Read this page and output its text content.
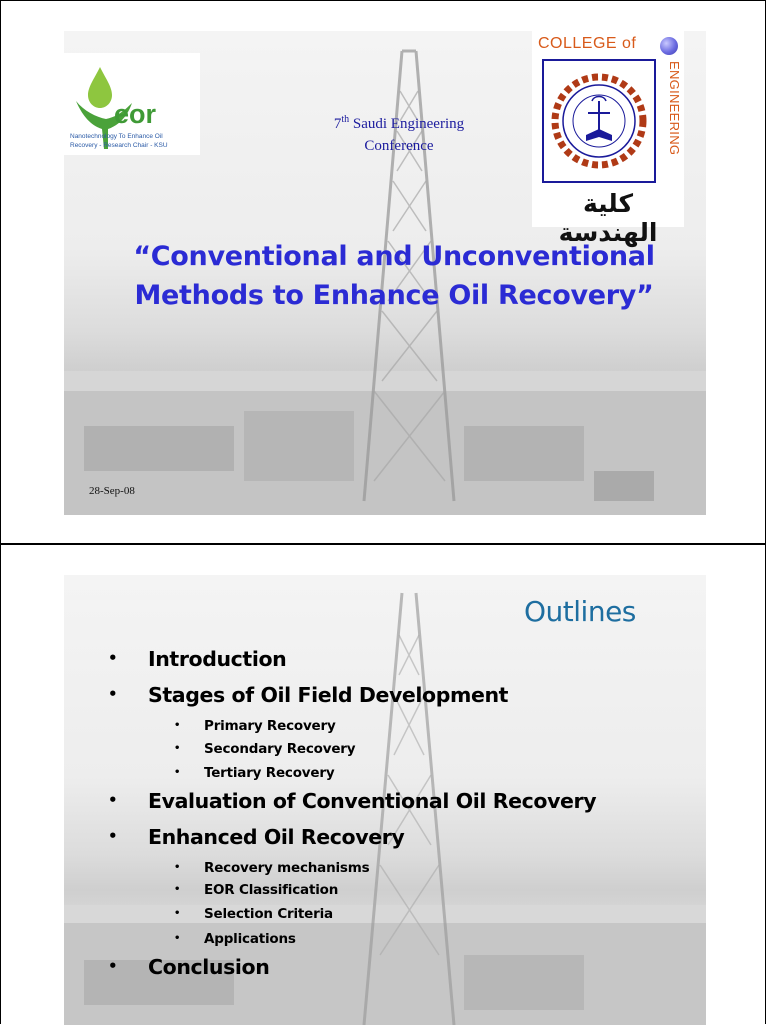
eor
Nanotechnology To Enhance Oil
Recovery - Research Chair - KSU
COLLEGE of
ENGINEERING
كلية الهندسة
7th Saudi Engineering
Conference
“Conventional and Unconventional
Methods to Enhance Oil Recovery”
28-Sep-08
Outlines
• Introduction
• Stages of Oil Field Development
• Primary Recovery
• Secondary Recovery
• Tertiary Recovery
• Evaluation of Conventional Oil Recovery
• Enhanced Oil Recovery
• Recovery mechanisms
• EOR Classification
• Selection Criteria
• Applications
• Conclusion
